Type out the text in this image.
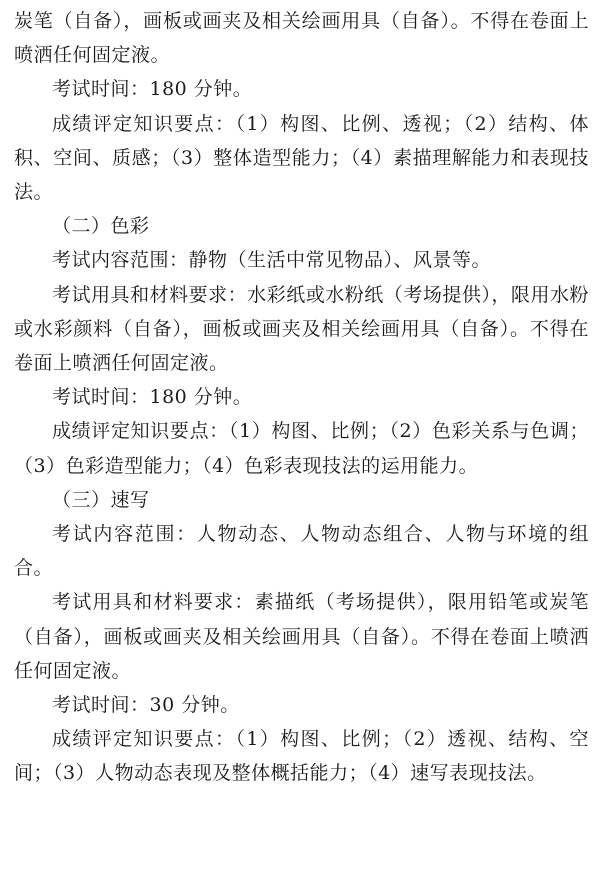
炭笔（自备），画板或画夹及相关绘画用具（自备）。不得在卷面上喷洒任何固定液。

考试时间：180 分钟。

成绩评定知识要点：（1）构图、比例、透视；（2）结构、体积、空间、质感；（3）整体造型能力；（4）素描理解能力和表现技法。

（二）色彩

考试内容范围：静物（生活中常见物品）、风景等。

考试用具和材料要求：水彩纸或水粉纸（考场提供），限用水粉或水彩颜料（自备），画板或画夹及相关绘画用具（自备）。不得在卷面上喷洒任何固定液。

考试时间：180 分钟。

成绩评定知识要点：（1）构图、比例；（2）色彩关系与色调；（3）色彩造型能力；（4）色彩表现技法的运用能力。

（三）速写

考试内容范围：人物动态、人物动态组合、人物与环境的组合。

考试用具和材料要求：素描纸（考场提供），限用铅笔或炭笔（自备），画板或画夹及相关绘画用具（自备）。不得在卷面上喷洒任何固定液。

考试时间：30 分钟。

成绩评定知识要点：（1）构图、比例；（2）透视、结构、空间；（3）人物动态表现及整体概括能力；（4）速写表现技法。
